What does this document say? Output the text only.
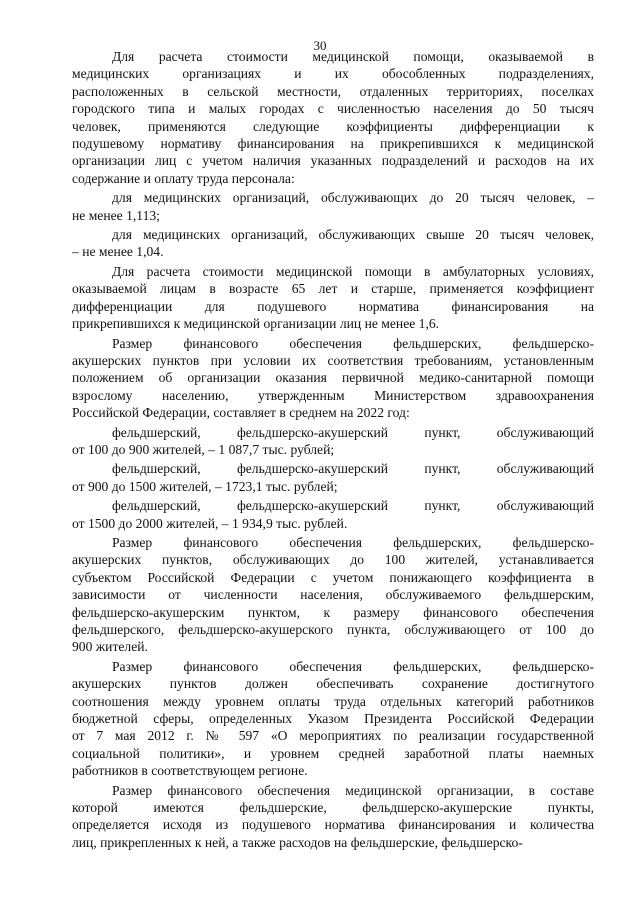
30
Для расчета стоимости медицинской помощи, оказываемой в
медицинских организациях и их обособленных подразделениях,
расположенных в сельской местности, отдаленных территориях, поселках
городского типа и малых городах с численностью населения до 50 тысяч
человек, применяются следующие коэффициенты дифференциации к
подушевому нормативу финансирования на прикрепившихся к медицинской
организации лиц с учетом наличия указанных подразделений и расходов на их
содержание и оплату труда персонала:
для медицинских организаций, обслуживающих до 20 тысяч человек, –
не менее 1,113;
для медицинских организаций, обслуживающих свыше 20 тысяч человек,
– не менее 1,04.
Для расчета стоимости медицинской помощи в амбулаторных условиях,
оказываемой лицам в возрасте 65 лет и старше, применяется коэффициент
дифференциации для подушевого норматива финансирования на
прикрепившихся к медицинской организации лиц не менее 1,6.
Размер финансового обеспечения фельдшерских, фельдшерско-
акушерских пунктов при условии их соответствия требованиям, установленным
положением об организации оказания первичной медико-санитарной помощи
взрослому населению, утвержденным Министерством здравоохранения
Российской Федерации, составляет в среднем на 2022 год:
фельдшерский, фельдшерско-акушерский пункт, обслуживающий
от 100 до 900 жителей, – 1 087,7 тыс. рублей;
фельдшерский, фельдшерско-акушерский пункт, обслуживающий
от 900 до 1500 жителей, – 1723,1 тыс. рублей;
фельдшерский, фельдшерско-акушерский пункт, обслуживающий
от 1500 до 2000 жителей, – 1 934,9 тыс. рублей.
Размер финансового обеспечения фельдшерских, фельдшерско-
акушерских пунктов, обслуживающих до 100 жителей, устанавливается
субъектом Российской Федерации с учетом понижающего коэффициента в
зависимости от численности населения, обслуживаемого фельдшерским,
фельдшерско-акушерским пунктом, к размеру финансового обеспечения
фельдшерского, фельдшерско-акушерского пункта, обслуживающего от 100 до
900 жителей.
Размер финансового обеспечения фельдшерских, фельдшерско-
акушерских пунктов должен обеспечивать сохранение достигнутого
соотношения между уровнем оплаты труда отдельных категорий работников
бюджетной сферы, определенных Указом Президента Российской Федерации
от 7 мая 2012 г. № 597 «О мероприятиях по реализации государственной
социальной политики», и уровнем средней заработной платы наемных
работников в соответствующем регионе.
Размер финансового обеспечения медицинской организации, в составе
которой имеются фельдшерские, фельдшерско-акушерские пункты,
определяется исходя из подушевого норматива финансирования и количества
лиц, прикрепленных к ней, а также расходов на фельдшерские, фельдшерско-
